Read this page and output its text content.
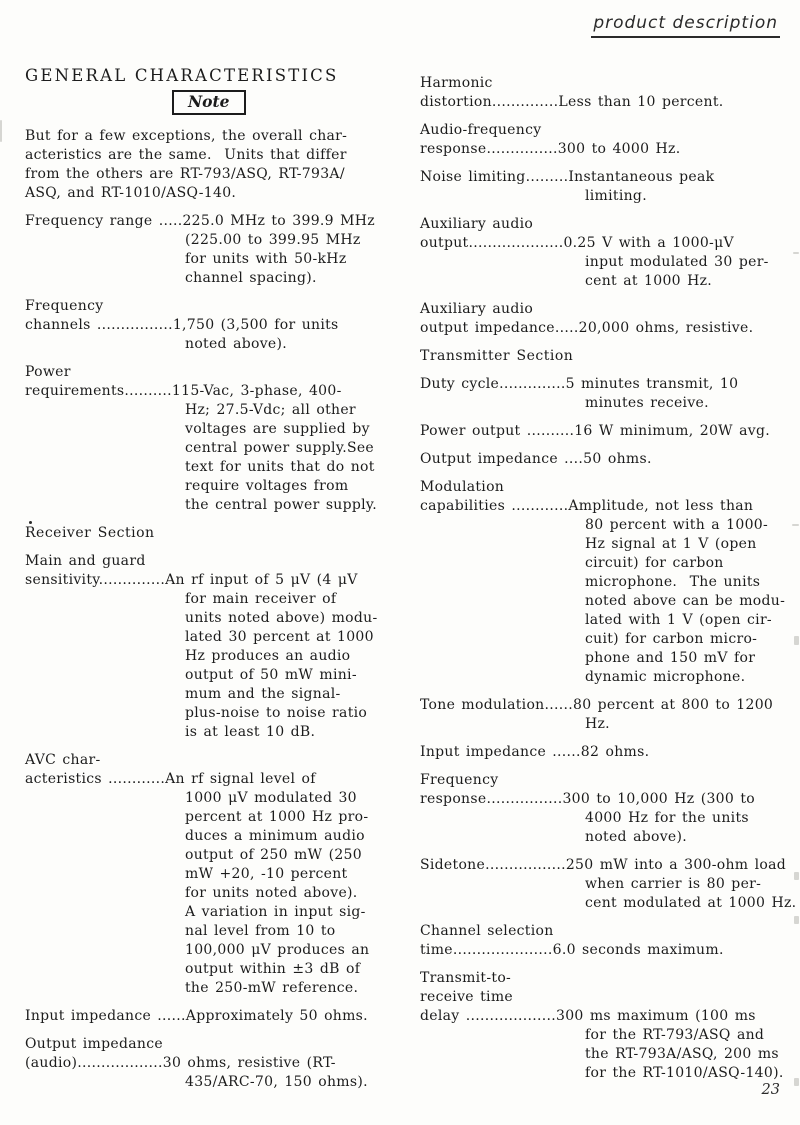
product description
GENERAL CHARACTERISTICS
Note
But for a few exceptions, the overall char-
acteristics are the same.  Units that differ
from the others are RT-793/ASQ, RT-793A/
ASQ, and RT-1010/ASQ-140.
Frequency range .....225.0 MHz to 399.9 MHz
(225.00 to 399.95 MHz
for units with 50-kHz
channel spacing).
Frequency
channels ................1,750 (3,500 for units
noted above).
Power
requirements..........115-Vac, 3-phase, 400-
Hz; 27.5-Vdc; all other
voltages are supplied by
central power supply.See
text for units that do not
require voltages from
the central power supply.
Receiver Section
Main and guard
sensitivity..............An rf input of 5 μV (4 μV
for main receiver of
units noted above) modu-
lated 30 percent at 1000
Hz produces an audio
output of 50 mW mini-
mum and the signal-
plus-noise to noise ratio
is at least 10 dB.
AVC char-
acteristics ............An rf signal level of
1000 μV modulated 30
percent at 1000 Hz pro-
duces a minimum audio
output of 250 mW (250
mW +20, -10 percent
for units noted above).
A variation in input sig-
nal level from 10 to
100,000 μV produces an
output within ±3 dB of
the 250-mW reference.
Input impedance ......Approximately 50 ohms.
Output impedance
(audio)..................30 ohms, resistive (RT-
435/ARC-70, 150 ohms).
Harmonic
distortion..............Less than 10 percent.
Audio-frequency
response...............300 to 4000 Hz.
Noise limiting.........Instantaneous peak
limiting.
Auxiliary audio
output....................0.25 V with a 1000-μV
input modulated 30 per-
cent at 1000 Hz.
Auxiliary audio
output impedance.....20,000 ohms, resistive.
Transmitter Section
Duty cycle..............5 minutes transmit, 10
minutes receive.
Power output ..........16 W minimum, 20W avg.
Output impedance ....50 ohms.
Modulation
capabilities ............Amplitude, not less than
80 percent with a 1000-
Hz signal at 1 V (open
circuit) for carbon
microphone.  The units
noted above can be modu-
lated with 1 V (open cir-
cuit) for carbon micro-
phone and 150 mV for
dynamic microphone.
Tone modulation......80 percent at 800 to 1200
Hz.
Input impedance ......82 ohms.
Frequency
response................300 to 10,000 Hz (300 to
4000 Hz for the units
noted above).
Sidetone.................250 mW into a 300-ohm load
when carrier is 80 per-
cent modulated at 1000 Hz.
Channel selection
time.....................6.0 seconds maximum.
Transmit-to-
receive time
delay ...................300 ms maximum (100 ms
for the RT-793/ASQ and
the RT-793A/ASQ, 200 ms
for the RT-1010/ASQ-140).
23
